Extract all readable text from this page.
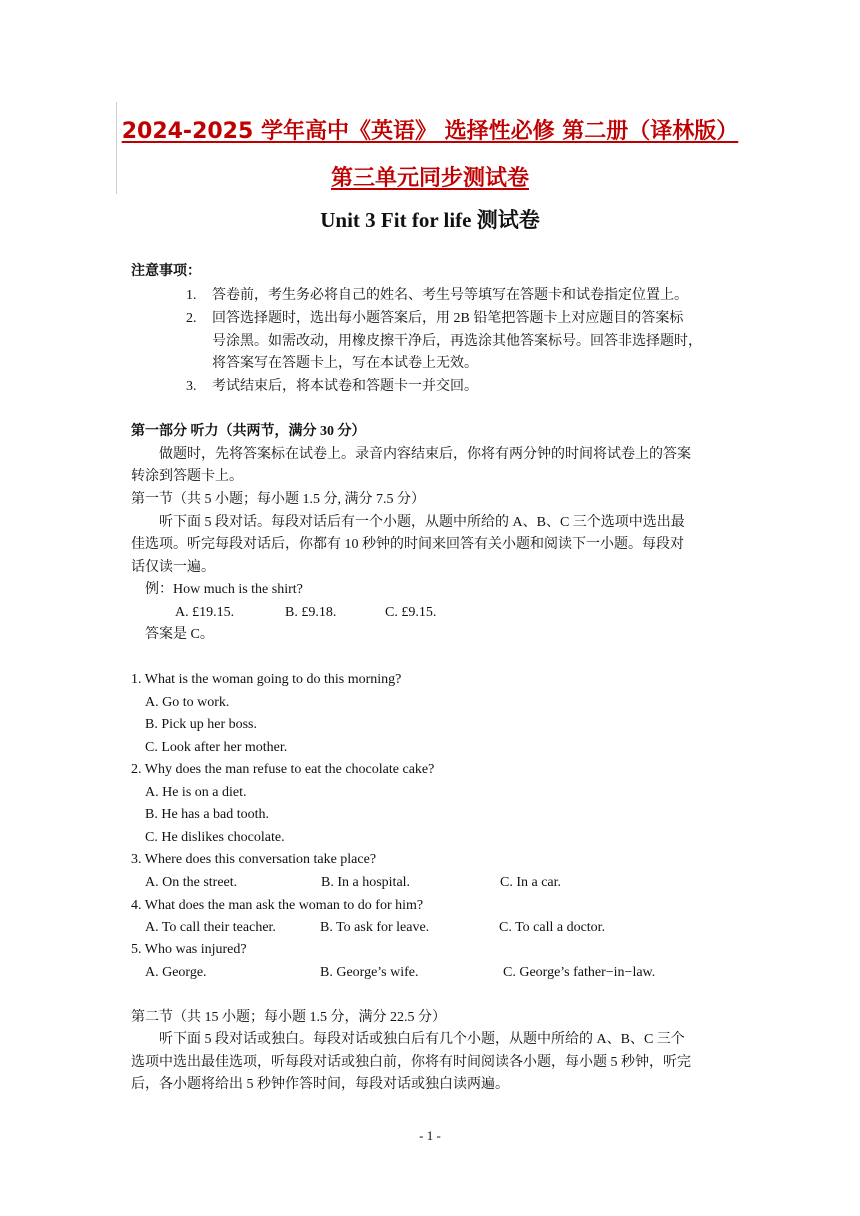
2024-2025 学年高中《英语》 选择性必修 第二册（译林版）
第三单元同步测试卷
Unit 3 Fit for life 测试卷
注意事项：
1. 答卷前，考生务必将自己的姓名、考生号等填写在答题卡和试卷指定位置上。
2. 回答选择题时，选出每小题答案后，用 2B 铅笔把答题卡上对应题目的答案标
号涂黑。如需改动，用橡皮擦干净后，再选涂其他答案标号。回答非选择题时，
将答案写在答题卡上，写在本试卷上无效。
3. 考试结束后，将本试卷和答题卡一并交回。
第一部分 听力（共两节，满分 30 分）
做题时，先将答案标在试卷上。录音内容结束后，你将有两分钟的时间将试卷上的答案
转涂到答题卡上。
第一节（共 5 小题；每小题 1.5 分, 满分 7.5 分）
听下面 5 段对话。每段对话后有一个小题，从题中所给的 A、B、C 三个选项中选出最
佳选项。听完每段对话后，你都有 10 秒钟的时间来回答有关小题和阅读下一小题。每段对
话仅读一遍。
例：How much is the shirt?
A. £19.15.	B. £9.18.	C. £9.15.
答案是 C。
1. What is the woman going to do this morning?
A. Go to work.
B. Pick up her boss.
C. Look after her mother.
2. Why does the man refuse to eat the chocolate cake?
A. He is on a diet.
B. He has a bad tooth.
C. He dislikes chocolate.
3. Where does this conversation take place?
A. On the street.	B. In a hospital.	C. In a car.
4. What does the man ask the woman to do for him?
A. To call their teacher.	B. To ask for leave.	C. To call a doctor.
5. Who was injured?
A. George.	B. George’s wife.	C. George’s father−in−law.
第二节（共 15 小题；每小题 1.5 分，满分 22.5 分）
听下面 5 段对话或独白。每段对话或独白后有几个小题，从题中所给的 A、B、C 三个
选项中选出最佳选项，听每段对话或独白前，你将有时间阅读各小题，每小题 5 秒钟，听完
后，各小题将给出 5 秒钟作答时间，每段对话或独白读两遍。
- 1 -
